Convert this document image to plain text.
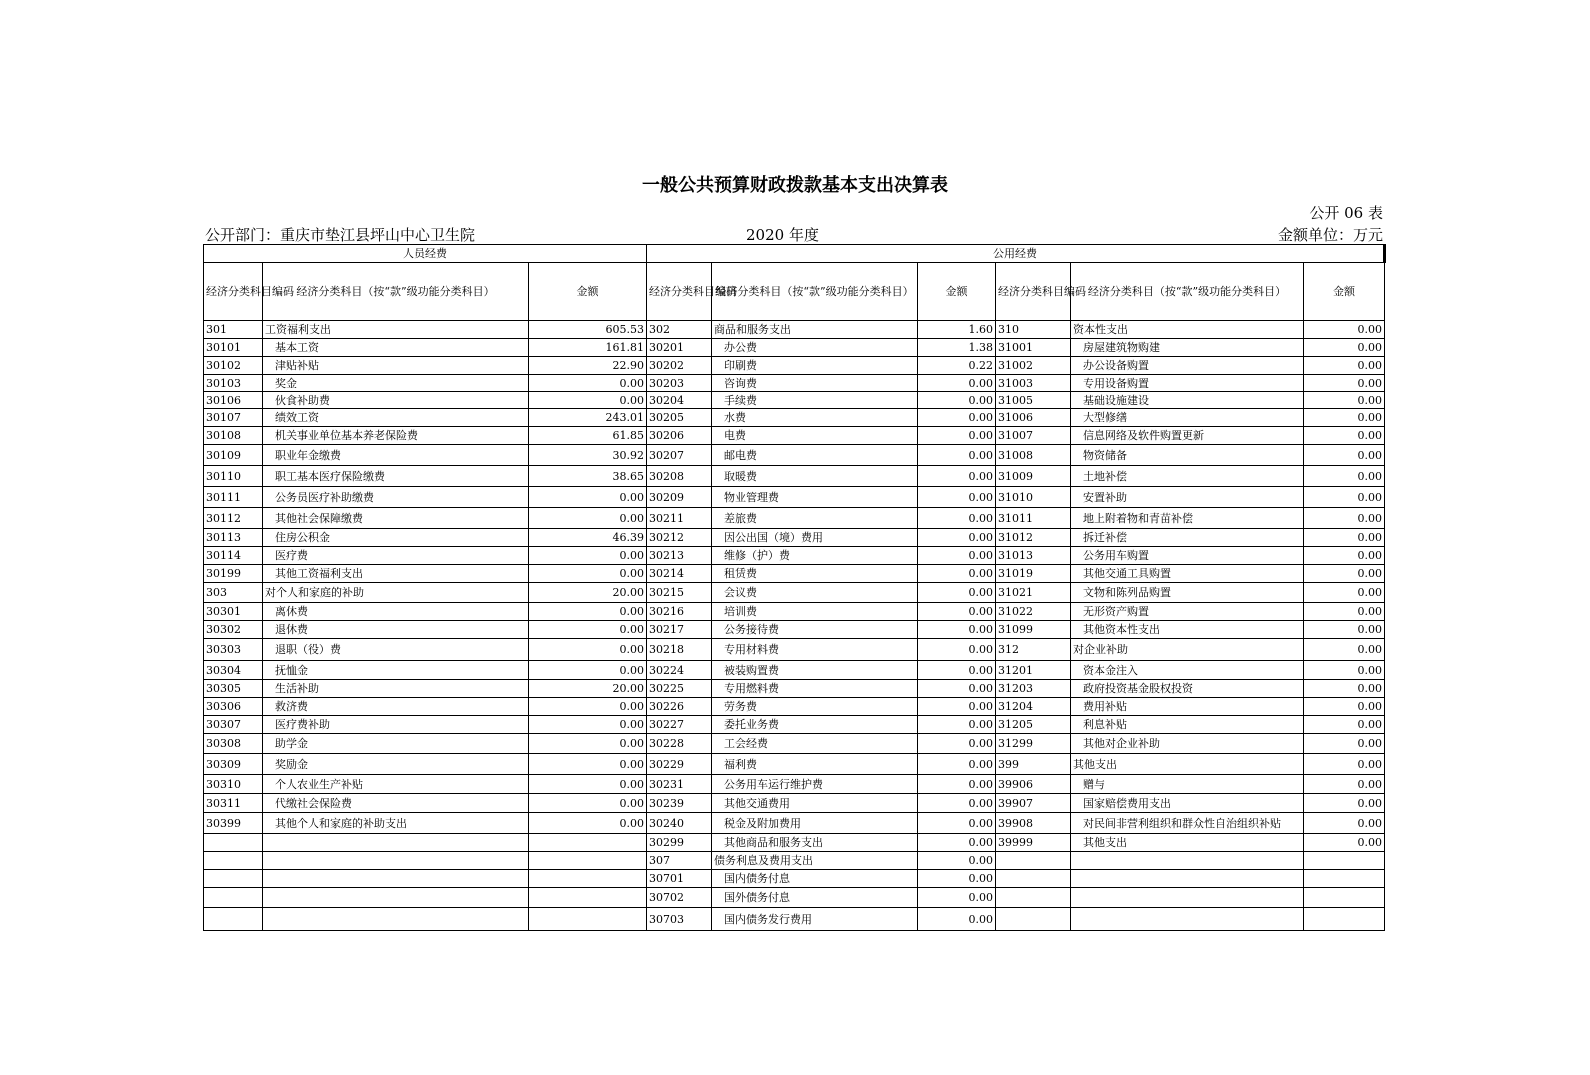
一般公共预算财政拨款基本支出决算表
公开 06 表
公开部门：重庆市垫江县坪山中心卫生院	2020 年度	金额单位：万元
人员经费			公用经费					
经济分类科目编码	经济分类科目（按“款”级功能分类科目）	金额	经济分类科目编码	经济分类科目（按“款”级功能分类科目）	金额	经济分类科目编码	经济分类科目（按“款”级功能分类科目）	金额
301	工资福利支出	605.53	302	商品和服务支出	1.60	310	资本性支出	0.00
30101	基本工资	161.81	30201	办公费	1.38	31001	房屋建筑物购建	0.00
30102	津贴补贴	22.90	30202	印刷费	0.22	31002	办公设备购置	0.00
30103	奖金	0.00	30203	咨询费	0.00	31003	专用设备购置	0.00
30106	伙食补助费	0.00	30204	手续费	0.00	31005	基础设施建设	0.00
30107	绩效工资	243.01	30205	水费	0.00	31006	大型修缮	0.00
30108	机关事业单位基本养老保险费	61.85	30206	电费	0.00	31007	信息网络及软件购置更新	0.00
30109	职业年金缴费	30.92	30207	邮电费	0.00	31008	物资储备	0.00
30110	职工基本医疗保险缴费	38.65	30208	取暖费	0.00	31009	土地补偿	0.00
30111	公务员医疗补助缴费	0.00	30209	物业管理费	0.00	31010	安置补助	0.00
30112	其他社会保障缴费	0.00	30211	差旅费	0.00	31011	地上附着物和青苗补偿	0.00
30113	住房公积金	46.39	30212	因公出国（境）费用	0.00	31012	拆迁补偿	0.00
30114	医疗费	0.00	30213	维修（护）费	0.00	31013	公务用车购置	0.00
30199	其他工资福利支出	0.00	30214	租赁费	0.00	31019	其他交通工具购置	0.00
303	对个人和家庭的补助	20.00	30215	会议费	0.00	31021	文物和陈列品购置	0.00
30301	离休费	0.00	30216	培训费	0.00	31022	无形资产购置	0.00
30302	退休费	0.00	30217	公务接待费	0.00	31099	其他资本性支出	0.00
30303	退职（役）费	0.00	30218	专用材料费	0.00	312	对企业补助	0.00
30304	抚恤金	0.00	30224	被装购置费	0.00	31201	资本金注入	0.00
30305	生活补助	20.00	30225	专用燃料费	0.00	31203	政府投资基金股权投资	0.00
30306	救济费	0.00	30226	劳务费	0.00	31204	费用补贴	0.00
30307	医疗费补助	0.00	30227	委托业务费	0.00	31205	利息补贴	0.00
30308	助学金	0.00	30228	工会经费	0.00	31299	其他对企业补助	0.00
30309	奖励金	0.00	30229	福利费	0.00	399	其他支出	0.00
30310	个人农业生产补贴	0.00	30231	公务用车运行维护费	0.00	39906	赠与	0.00
30311	代缴社会保险费	0.00	30239	其他交通费用	0.00	39907	国家赔偿费用支出	0.00
30399	其他个人和家庭的补助支出	0.00	30240	税金及附加费用	0.00	39908	对民间非营利组织和群众性自治组织补贴	0.00
			30299	其他商品和服务支出	0.00	39999	其他支出	0.00
			307	债务利息及费用支出	0.00			
			30701	国内债务付息	0.00			
			30702	国外债务付息	0.00			
			30703	国内债务发行费用	0.00			
